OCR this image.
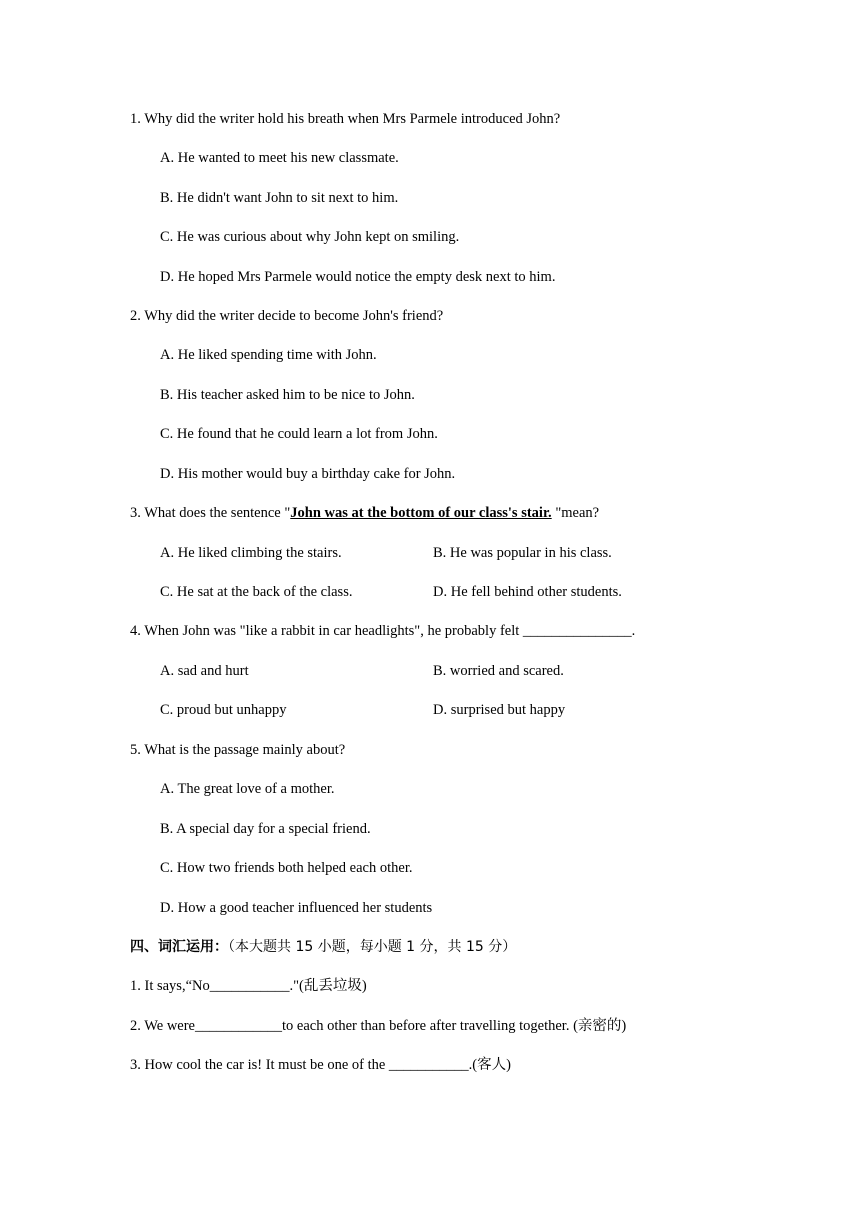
1. Why did the writer hold his breath when Mrs Parmele introduced John?
A. He wanted to meet his new classmate.
B. He didn't want John to sit next to him.
C. He was curious about why John kept on smiling.
D. He hoped Mrs Parmele would notice the empty desk next to him.
2. Why did the writer decide to become John's friend?
A. He liked spending time with John.
B. His teacher asked him to be nice to John.
C. He found that he could learn a lot from John.
D. His mother would buy a birthday cake for John.
3. What does the sentence "John was at the bottom of our class's stair. "mean?
A. He liked climbing the stairs.	B. He was popular in his class.
C. He sat at the back of the class.	D. He fell behind other students.
4. When John was "like a rabbit in car headlights", he probably felt _______________.
A. sad and hurt	B. worried and scared.
C. proud but unhappy	D. surprised but happy
5. What is the passage mainly about?
A. The great love of a mother.
B. A special day for a special friend.
C. How two friends both helped each other.
D. How a good teacher influenced her students
四、词汇运用：（本大题共 15 小题，每小题 1 分，共 15 分）
1. It says,“No___________."(乱丢垃圾)
2. We were____________to each other than before after travelling together. (亲密的)
3. How cool the car is! It must be one of the ___________.(客人)
